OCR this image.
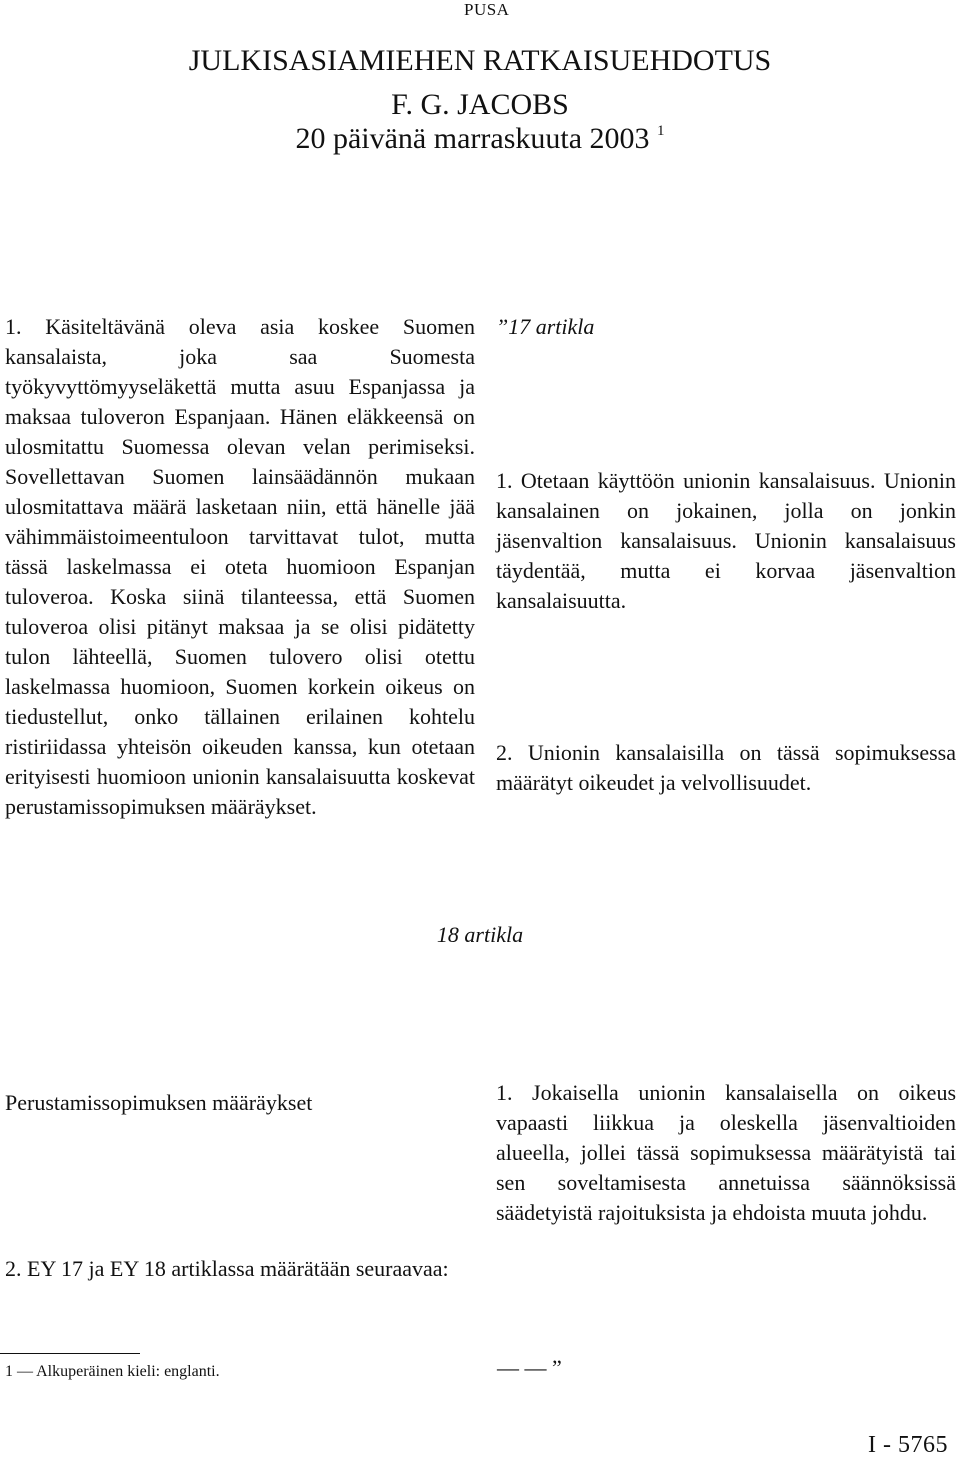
PUSA
JULKISASIAMIEHEN RATKAISUEHDOTUS
F. G. JACOBS
20 päivänä marraskuuta 2003 $^1$

1. Käsiteltävänä oleva asia koskee Suomen kansalaista, joka saa Suomesta työkyvyttömyyseläkettä mutta asuu Espanjassa ja maksaa tuloveron Espanjaan. Hänen eläkkeensä on ulosmitattu Suomessa olevan velan perimiseksi. Sovellettavan Suomen lainsäädännön mukaan ulosmitattava määrä lasketaan niin, että hänelle jää vähimmäistoimeentuloon tarvittavat tulot, mutta tässä laskelmassa ei oteta huomioon Espanjan tuloveroa. Koska siinä tilanteessa, että Suomen tuloveroa olisi pitänyt maksaa ja se olisi pidätetty tulon lähteellä, Suomen tulovero olisi otettu laskelmassa huomioon, Suomen korkein oikeus on tiedustellut, onko tällainen erilainen kohtelu ristiriidassa yhteisön oikeuden kanssa, kun otetaan erityisesti huomioon unionin kansalaisuutta koskevat perustamissopimuksen määräykset.

”17 artikla

1. Otetaan käyttöön unionin kansalaisuus. Unionin kansalainen on jokainen, jolla on jonkin jäsenvaltion kansalaisuus. Unionin kansalaisuus täydentää, mutta ei korvaa jäsenvaltion kansalaisuutta.

2. Unionin kansalaisilla on tässä sopimuksessa määrätyt oikeudet ja velvollisuudet.

18 artikla
Perustamissopimuksen määräykset

2. EY 17 ja EY 18 artiklassa määrätään seuraavaa:

1. Jokaisella unionin kansalaisella on oikeus vapaasti liikkua ja oleskella jäsenvaltioiden alueella, jollei tässä sopimuksessa määrätyistä tai sen soveltamisesta annetuissa säännöksissä säädetyistä rajoituksista ja ehdoista muuta johdu.

1 — Alkuperäinen kieli: englanti.	— — ”
I - 5765
